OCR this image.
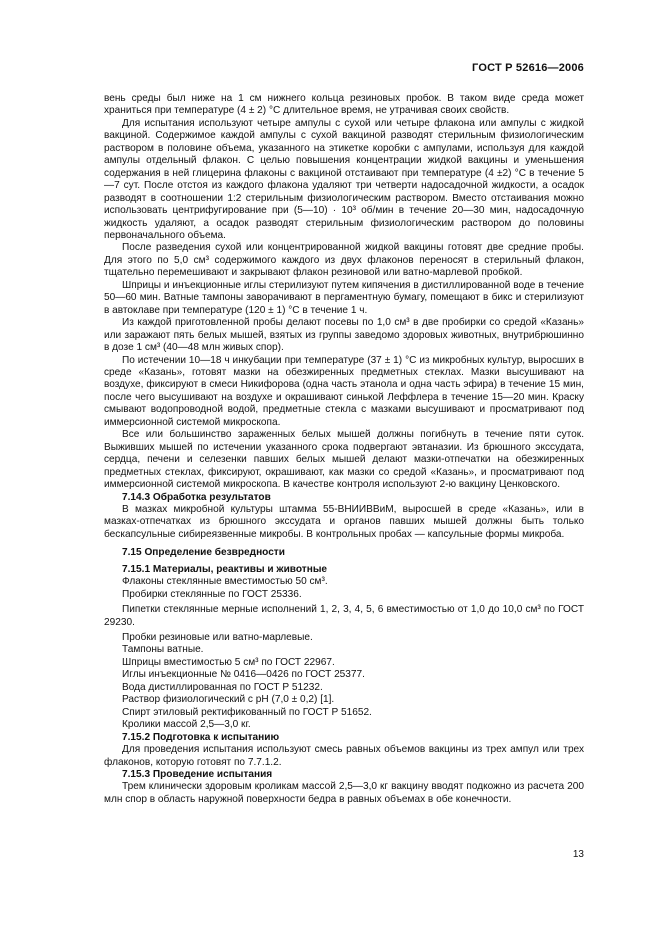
ГОСТ Р 52616—2006

вень среды был ниже на 1 см нижнего кольца резиновых пробок. В таком виде среда может храниться при температуре (4 ± 2) °С длительное время, не утрачивая своих свойств.

Для испытания используют четыре ампулы с сухой или четыре флакона или ампулы с жидкой вакциной. Содержимое каждой ампулы с сухой вакциной разводят стерильным физиологическим раствором в половине объема, указанного на этикетке коробки с ампулами, используя для каждой ампулы отдельный флакон. С целью повышения концентрации жидкой вакцины и уменьшения содержания в ней глицерина флаконы с вакциной отстаивают при температуре (4 ±2) °С в течение 5—7 сут. После отстоя из каждого флакона удаляют три четверти надосадочной жидкости, а осадок разводят в соотношении 1:2 стерильным физиологическим раствором. Вместо отстаивания можно использовать центрифугирование при (5—10) · 10³ об/мин в течение 20—30 мин, надосадочную жидкость удаляют, а осадок разводят стерильным физиологическим раствором до половины первоначального объема.

После разведения сухой или концентрированной жидкой вакцины готовят две средние пробы. Для этого по 5,0 см³ содержимого каждого из двух флаконов переносят в стерильный флакон, тщательно перемешивают и закрывают флакон резиновой или ватно-марлевой пробкой.

Шприцы и инъекционные иглы стерилизуют путем кипячения в дистиллированной воде в течение 50—60 мин. Ватные тампоны заворачивают в пергаментную бумагу, помещают в бикс и стерилизуют в автоклаве при температуре (120 ± 1) °С в течение 1 ч.

Из каждой приготовленной пробы делают посевы по 1,0 см³ в две пробирки со средой «Казань» или заражают пять белых мышей, взятых из группы заведомо здоровых животных, внутрибрюшинно в дозе 1 см³ (40—48 млн живых спор).

По истечении 10—18 ч инкубации при температуре (37 ± 1) °С из микробных культур, выросших в среде «Казань», готовят мазки на обезжиренных предметных стеклах. Мазки высушивают на воздухе, фиксируют в смеси Никифорова (одна часть этанола и одна часть эфира) в течение 15 мин, после чего высушивают на воздухе и окрашивают синькой Леффлера в течение 15—20 мин. Краску смывают водопроводной водой, предметные стекла с мазками высушивают и просматривают под иммерсионной системой микроскопа.

Все или большинство зараженных белых мышей должны погибнуть в течение пяти суток. Выживших мышей по истечении указанного срока подвергают эвтаназии. Из брюшного экссудата, сердца, печени и селезенки павших белых мышей делают мазки-отпечатки на обезжиренных предметных стеклах, фиксируют, окрашивают, как мазки со средой «Казань», и просматривают под иммерсионной системой микроскопа. В качестве контроля используют 2-ю вакцину Ценковского.

7.14.3 Обработка результатов

В мазках микробной культуры штамма 55-ВНИИВВиМ, выросшей в среде «Казань», или в мазках-отпечатках из брюшного экссудата и органов павших мышей должны быть только бескапсульные сибиреязвенные микробы. В контрольных пробах — капсульные формы микроба.

7.15 Определение безвредности

7.15.1 Материалы, реактивы и животные

Флаконы стеклянные вместимостью 50 см³.

Пробирки стеклянные по ГОСТ 25336.

Пипетки стеклянные мерные исполнений 1, 2, 3, 4, 5, 6 вместимостью от 1,0 до 10,0 см³ по ГОСТ 29230.

Пробки резиновые или ватно-марлевые.

Тампоны ватные.

Шприцы вместимостью 5 см³ по ГОСТ 22967.

Иглы инъекционные № 0416—0426 по ГОСТ 25377.

Вода дистиллированная по ГОСТ Р 51232.

Раствор физиологический с рН (7,0 ± 0,2) [1].

Спирт этиловый ректификованный по ГОСТ Р 51652.

Кролики массой 2,5—3,0 кг.

7.15.2 Подготовка к испытанию

Для проведения испытания используют смесь равных объемов вакцины из трех ампул или трех флаконов, которую готовят по 7.7.1.2.

7.15.3 Проведение испытания

Трем клинически здоровым кроликам массой 2,5—3,0 кг вакцину вводят подкожно из расчета 200 млн спор в область наружной поверхности бедра в равных объемах в обе конечности.

13
